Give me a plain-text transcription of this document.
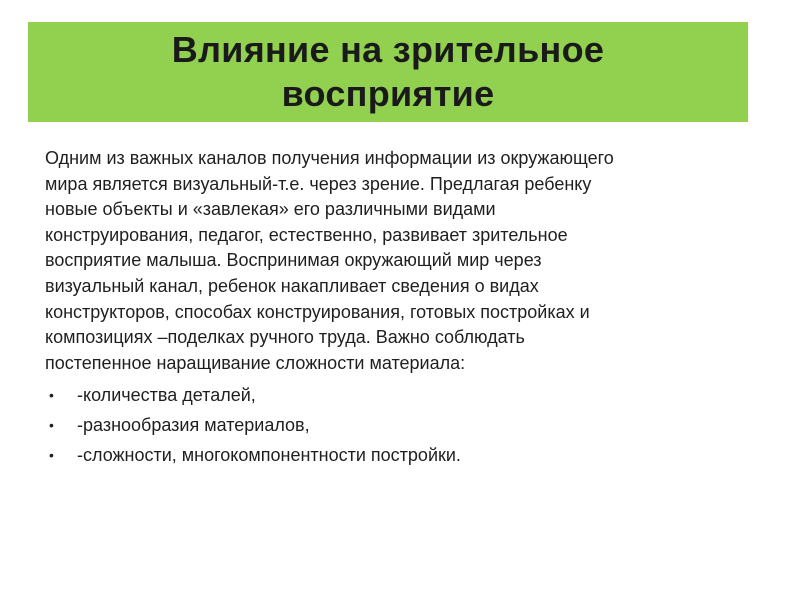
Влияние на зрительное
восприятие

Одним из важных каналов получения информации из окружающего
мира является визуальный-т.е. через зрение. Предлагая ребенку
новые объекты и «завлекая» его различными видами
конструирования, педагог, естественно, развивает зрительное
восприятие малыша. Воспринимая окружающий мир через
визуальный канал, ребенок накапливает сведения о видах
конструкторов, способах конструирования, готовых постройках и
композициях –поделках ручного труда. Важно соблюдать
постепенное наращивание сложности материала:

• -количества деталей,
• -разнообразия материалов,
• -сложности, многокомпонентности постройки.
